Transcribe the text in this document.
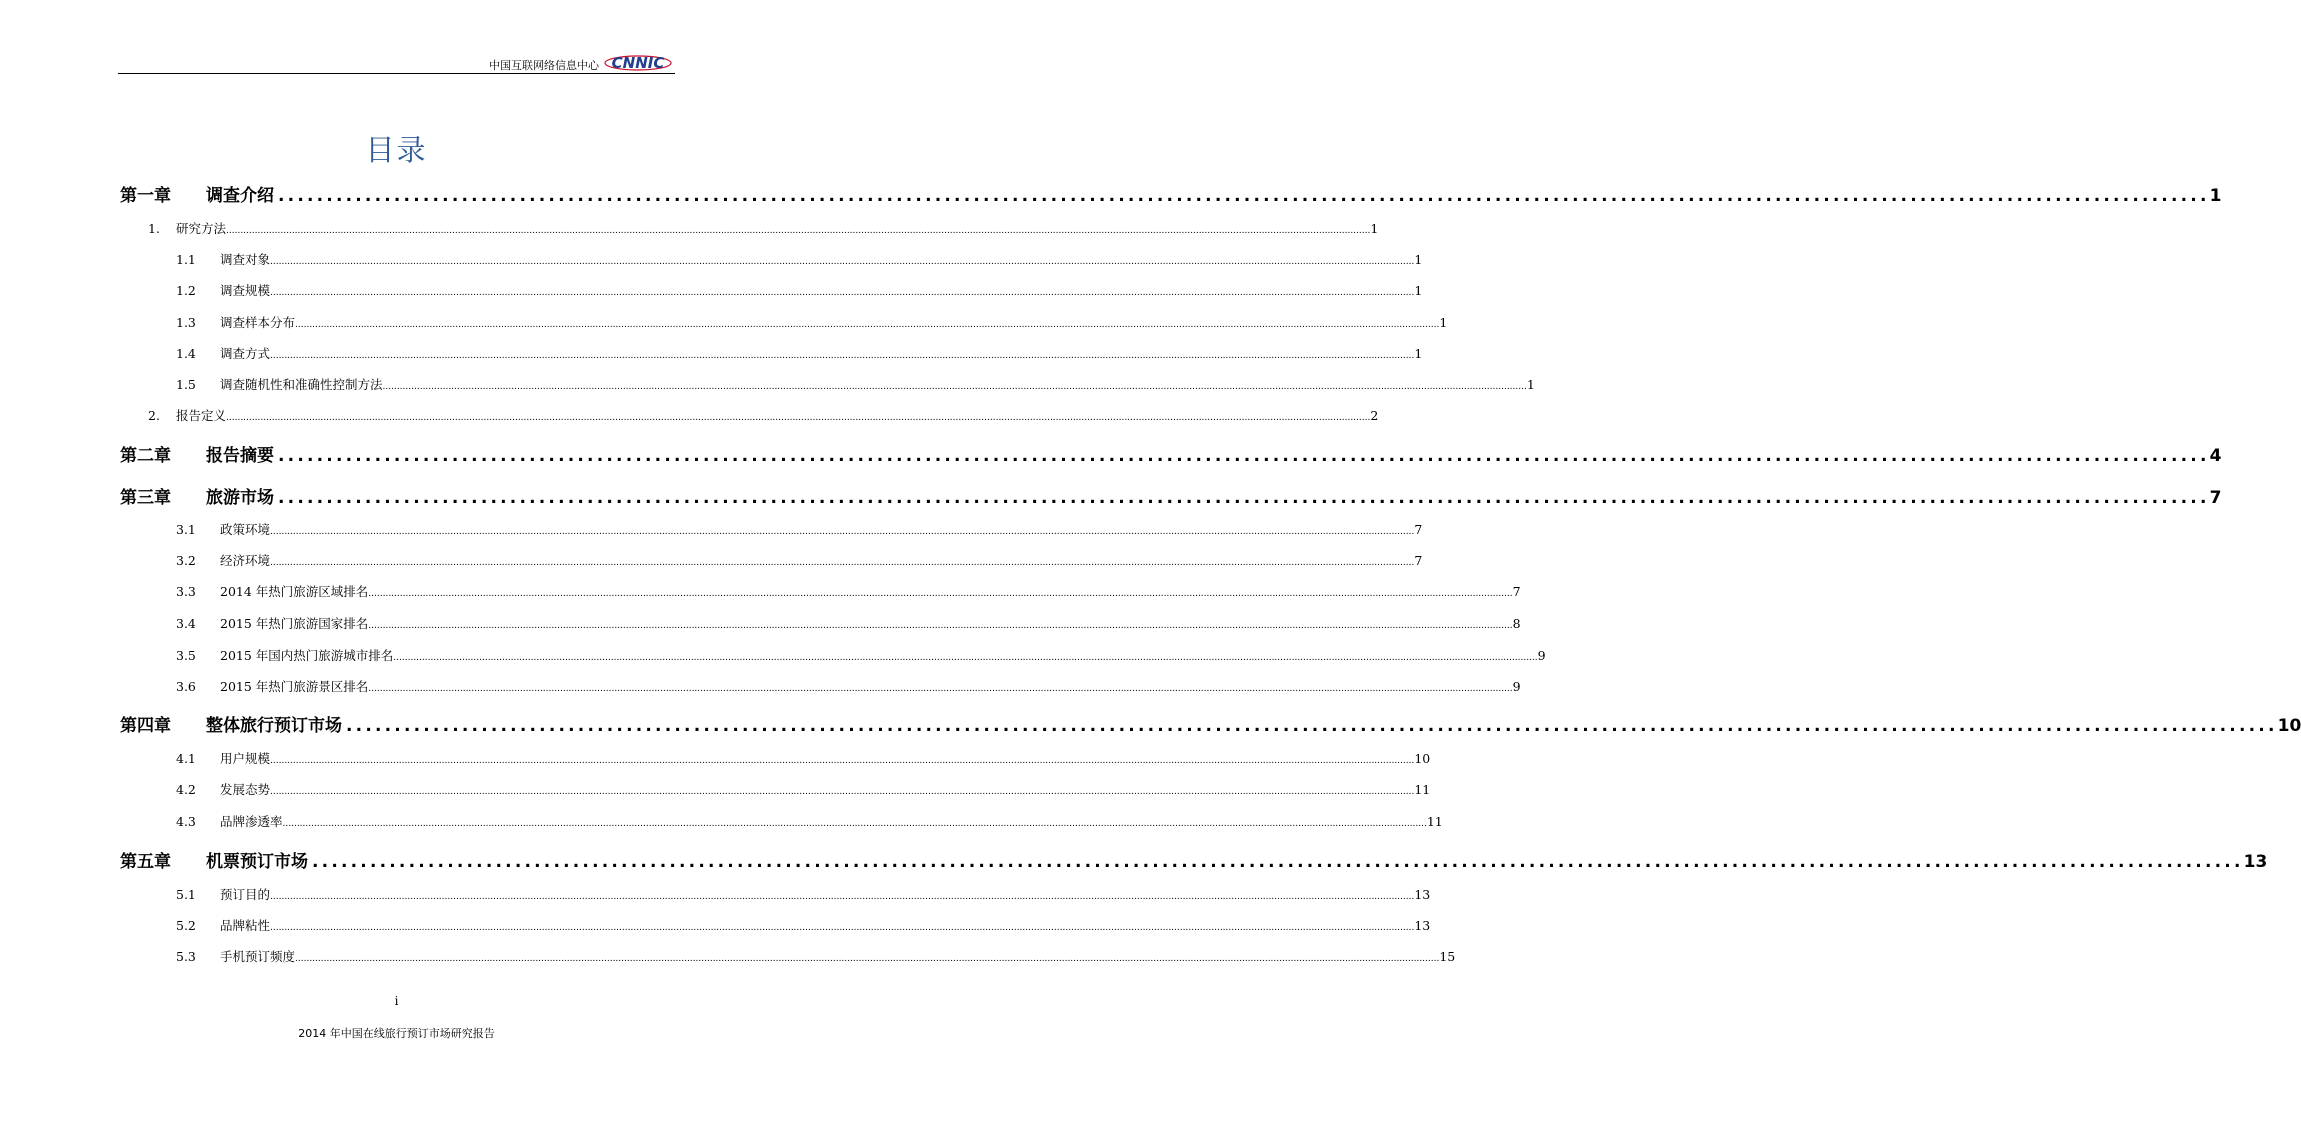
中国互联网络信息中心 CNNIC
目录
第一章	调查介绍 ........................................................................................................................................................................................................ 1
1.	研究方法 ................................................................................................................................................................................................................................................................................................................................................................................................................ 1
1.1	调查对象 ................................................................................................................................................................................................................................................................................................................................................................................................................ 1
1.2	调查规模 ................................................................................................................................................................................................................................................................................................................................................................................................................ 1
1.3	调查样本分布 ................................................................................................................................................................................................................................................................................................................................................................................................................ 1
1.4	调查方式 ................................................................................................................................................................................................................................................................................................................................................................................................................ 1
1.5	调查随机性和准确性控制方法 ................................................................................................................................................................................................................................................................................................................................................................................................................ 1
2.	报告定义 ................................................................................................................................................................................................................................................................................................................................................................................................................ 2
第二章	报告摘要 ........................................................................................................................................................................................................ 4
第三章	旅游市场 ........................................................................................................................................................................................................ 7
3.1	政策环境 ................................................................................................................................................................................................................................................................................................................................................................................................................ 7
3.2	经济环境 ................................................................................................................................................................................................................................................................................................................................................................................................................ 7
3.3	2014 年热门旅游区域排名 ................................................................................................................................................................................................................................................................................................................................................................................................................ 7
3.4	2015 年热门旅游国家排名 ................................................................................................................................................................................................................................................................................................................................................................................................................ 8
3.5	2015 年国内热门旅游城市排名 ................................................................................................................................................................................................................................................................................................................................................................................................................ 9
3.6	2015 年热门旅游景区排名 ................................................................................................................................................................................................................................................................................................................................................................................................................ 9
第四章	整体旅行预订市场 ........................................................................................................................................................................................................ 10
4.1	用户规模 ................................................................................................................................................................................................................................................................................................................................................................................................................ 10
4.2	发展态势 ................................................................................................................................................................................................................................................................................................................................................................................................................ 11
4.3	品牌渗透率 ................................................................................................................................................................................................................................................................................................................................................................................................................ 11
第五章	机票预订市场 ........................................................................................................................................................................................................ 13
5.1	预订目的 ................................................................................................................................................................................................................................................................................................................................................................................................................ 13
5.2	品牌粘性 ................................................................................................................................................................................................................................................................................................................................................................................................................ 13
5.3	手机预订频度 ................................................................................................................................................................................................................................................................................................................................................................................................................ 15
i
2014 年中国在线旅行预订市场研究报告
